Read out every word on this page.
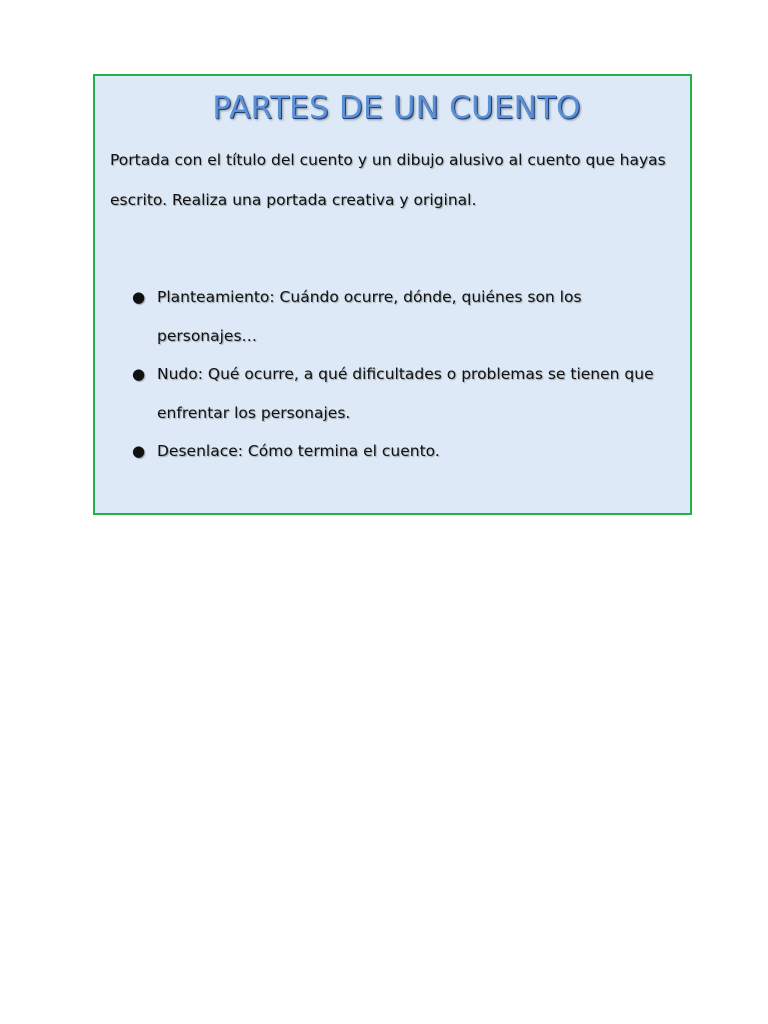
PARTES DE UN CUENTO

Portada con el título del cuento y un dibujo alusivo al cuento que hayas escrito. Realiza una portada creativa y original.

● Planteamiento: Cuándo ocurre, dónde, quiénes son los personajes…
● Nudo: Qué ocurre, a qué dificultades o problemas se tienen que enfrentar los personajes.
● Desenlace: Cómo termina el cuento.
